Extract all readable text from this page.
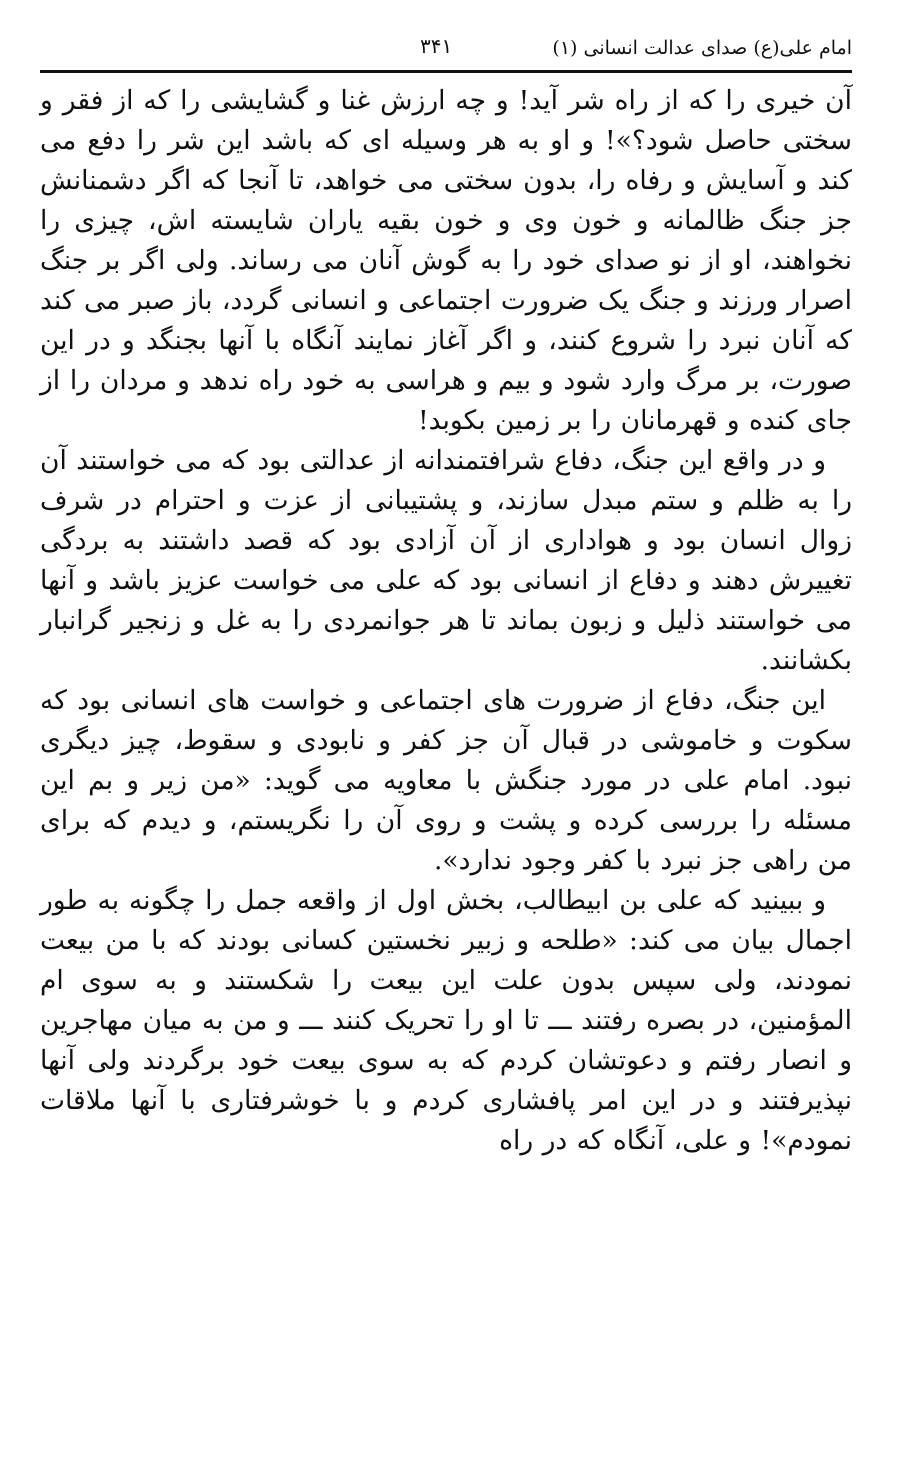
امام علی(ع) صدای عدالت انسانی (۱)
۳۴۱

آن خیری را که از راه شر آید! و چه ارزش غنا و گشایشی را که از فقر و سختی حاصل شود؟»! و او به هر وسیله ای که باشد این شر را دفع می کند و آسایش و رفاه را، بدون سختی می خواهد، تا آنجا که اگر دشمنانش جز جنگ ظالمانه و خون وی و خون بقیه یاران شایسته اش، چیزی را نخواهند، او از نو صدای خود را به گوش آنان می رساند. ولی اگر بر جنگ اصرار ورزند و جنگ یک ضرورت اجتماعی و انسانی گردد، باز صبر می کند که آنان نبرد را شروع کنند، و اگر آغاز نمایند آنگاه با آنها بجنگد و در این صورت، بر مرگ وارد شود و بیم و هراسی به خود راه ندهد و مردان را از جای کنده و قهرمانان را بر زمین بکوبد!

و در واقع این جنگ، دفاع شرافتمندانه از عدالتی بود که می خواستند آن را به ظلم و ستم مبدل سازند، و پشتیبانی از عزت و احترام در شرف زوال انسان بود و هواداری از آن آزادی بود که قصد داشتند به بردگی تغییرش دهند و دفاع از انسانی بود که علی می خواست عزیز باشد و آنها می خواستند ذلیل و زبون بماند تا هر جوانمردی را به غل و زنجیر گرانبار بکشانند.

این جنگ، دفاع از ضرورت های اجتماعی و خواست های انسانی بود که سکوت و خاموشی در قبال آن جز کفر و نابودی و سقوط، چیز دیگری نبود. امام علی در مورد جنگش با معاویه می گوید: «من زیر و بم این مسئله را بررسی کرده و پشت و روی آن را نگریستم، و دیدم که برای من راهی جز نبرد با کفر وجود ندارد».

و ببینید که علی بن ابیطالب، بخش اول از واقعه جمل را چگونه به طور اجمال بیان می کند: «طلحه و زبیر نخستین کسانی بودند که با من بیعت نمودند، ولی سپس بدون علت این بیعت را شکستند و به سوی ام المؤمنین، در بصره رفتند ـــ تا او را تحریک کنند ـــ و من به میان مهاجرین و انصار رفتم و دعوتشان کردم که به سوی بیعت خود برگردند ولی آنها نپذیرفتند و در این امر پافشاری کردم و با خوشرفتاری با آنها ملاقات نمودم»! و علی، آنگاه که در راه
